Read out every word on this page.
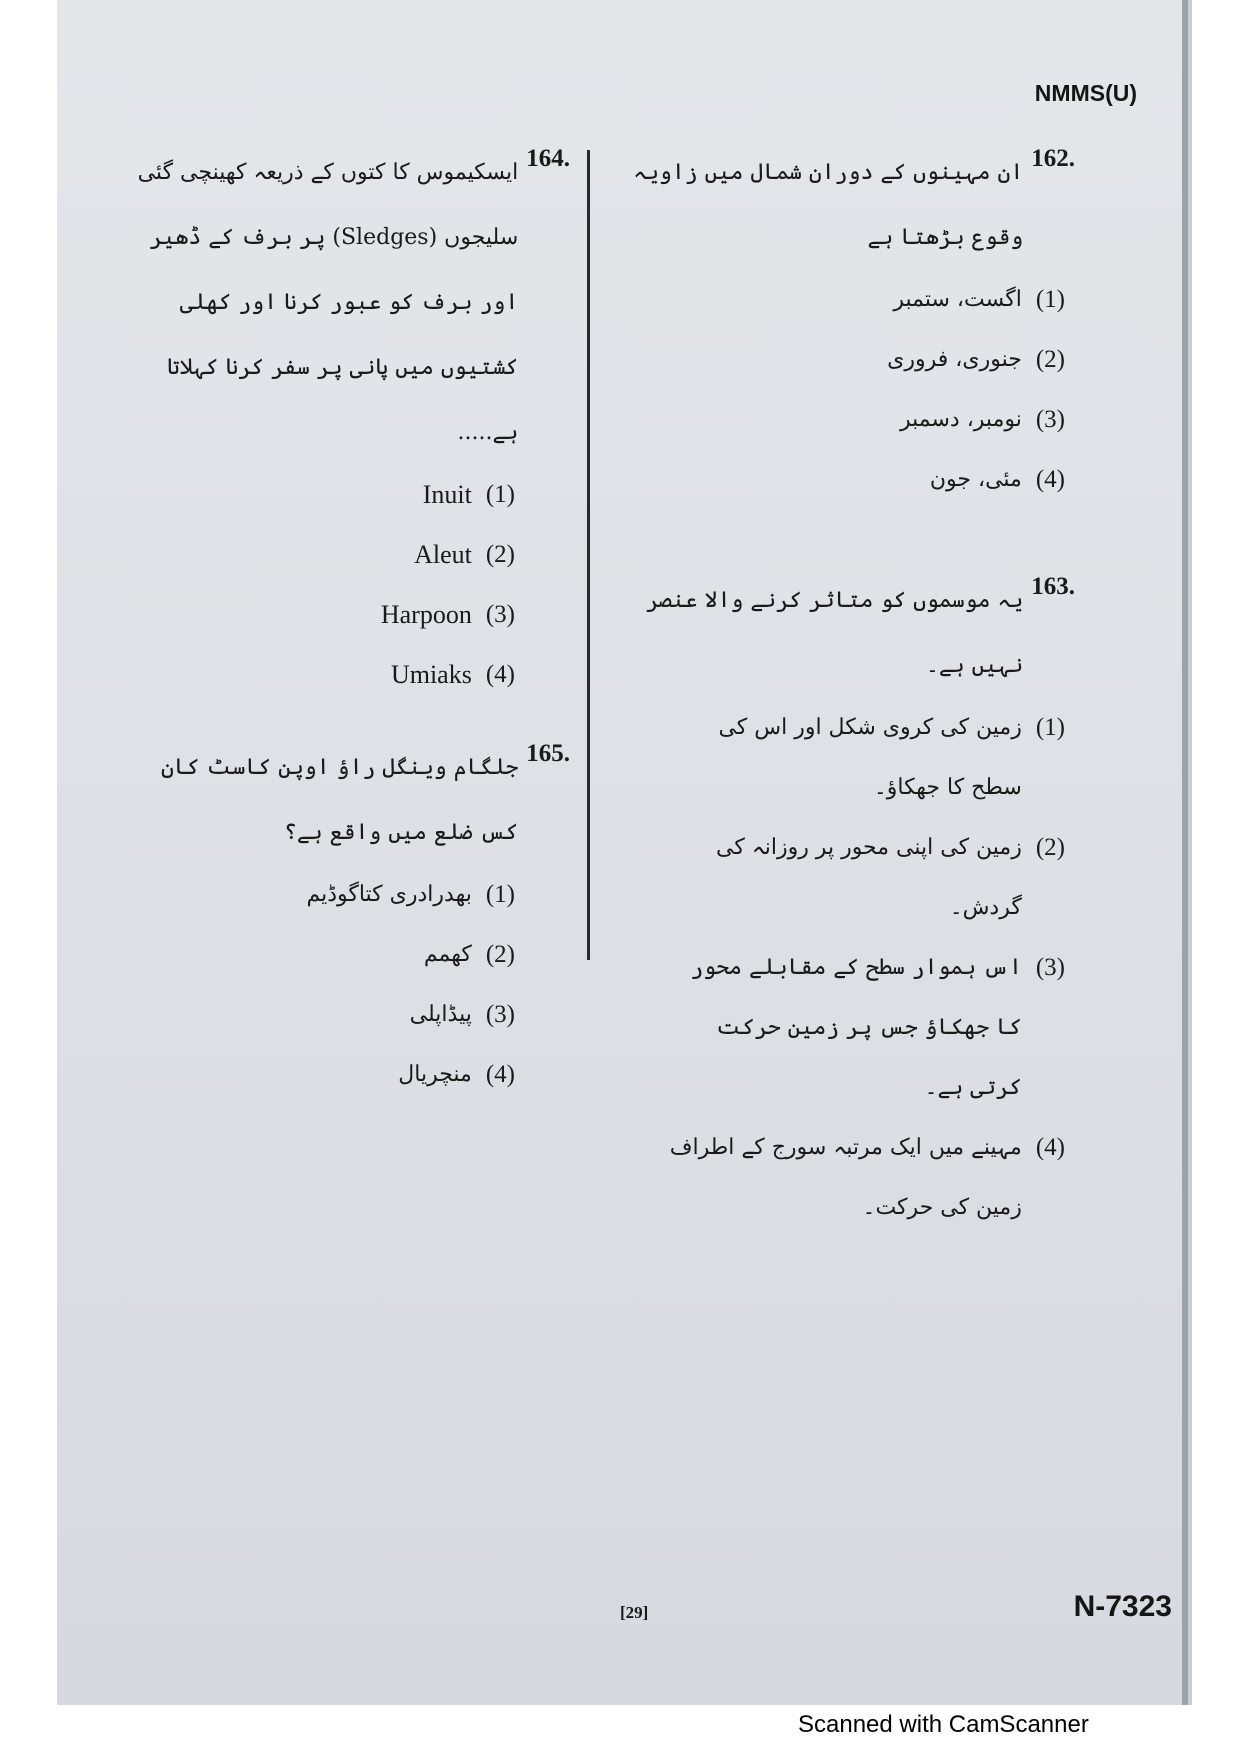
NMMS(U)
162.
ان مہینوں کے دوران شمال میں زاویہ وقوع بڑھتا ہے
(1)
اگست، ستمبر
(2)
جنوری، فروری
(3)
نومبر، دسمبر
(4)
مئی، جون
163.
یہ موسموں کو متاثر کرنے والا عنصر نہیں ہے۔
(1)
زمین کی کروی شکل اور اس کی سطح کا جھکاؤ۔
(2)
زمین کی اپنی محور پر روزانہ کی گردش۔
(3)
اس ہموار سطح کے مقابلے محور کا جھکاؤ جس پر زمین حرکت کرتی ہے۔
(4)
مہینے میں ایک مرتبہ سورج کے اطراف زمین کی حرکت۔
164.
ایسکیموس کا کتوں کے ذریعہ کھینچی گئی سلیجوں (Sledges) پر برف کے ڈھیر اور برف کو عبور کرنا اور کھلی کشتیوں میں پانی پر سفر کرنا کہلاتا ہے.....
(1)
Inuit
(2)
Aleut
(3)
Harpoon
(4)
Umiaks
165.
جلگام وینگل راؤ اوپن کاسٹ کان کس ضلع میں واقع ہے؟
(1)
بھدرادری کتاگوڈیم
(2)
کھمم
(3)
پیڈاپلی
(4)
منچریال
[29]	N-7323
Scanned with CamScanner
